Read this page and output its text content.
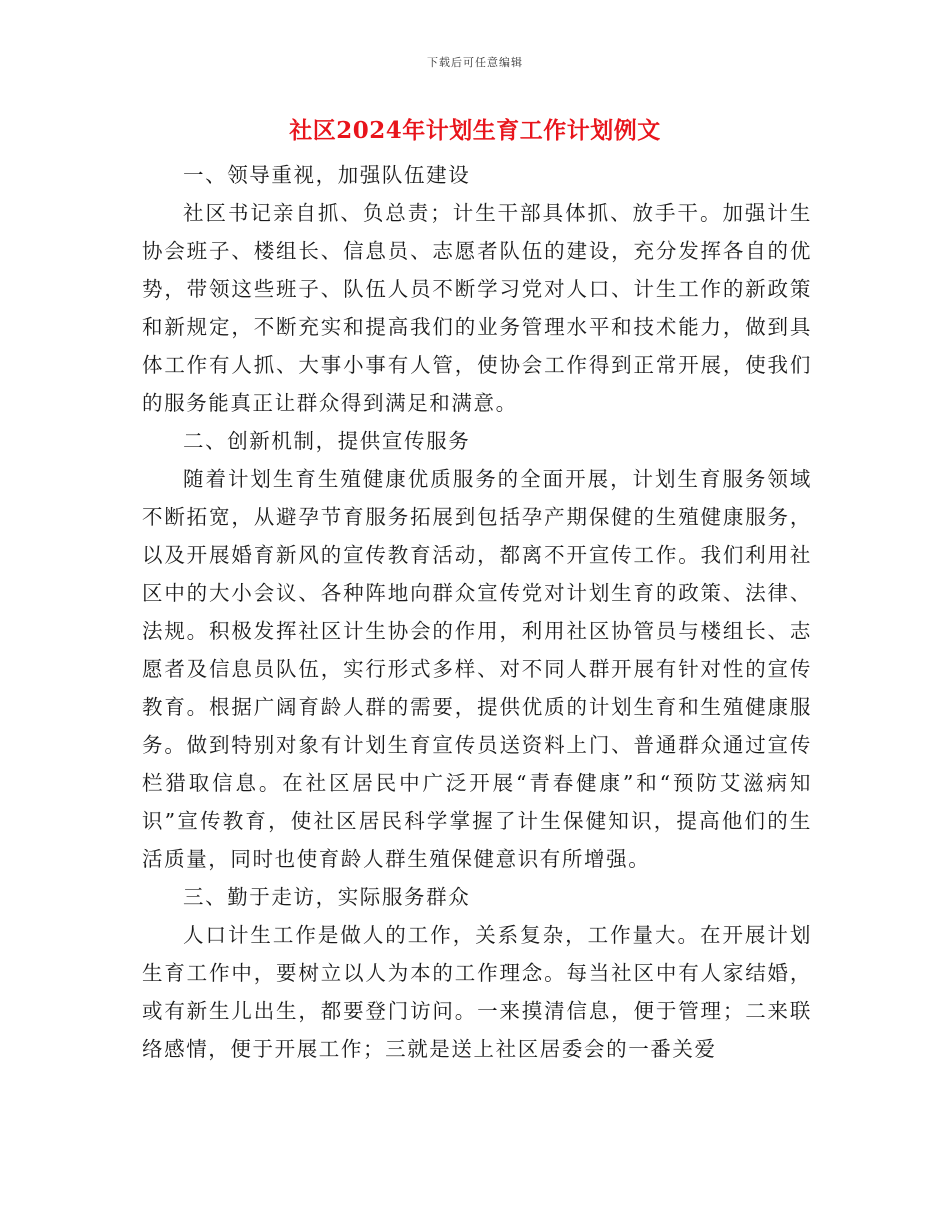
下载后可任意编辑
社区2024年计划生育工作计划例文

一、领导重视，加强队伍建设

社区书记亲自抓、负总责；计生干部具体抓、放手干。加强计生协会班子、楼组长、信息员、志愿者队伍的建设，充分发挥各自的优势，带领这些班子、队伍人员不断学习党对人口、计生工作的新政策和新规定，不断充实和提高我们的业务管理水平和技术能力，做到具体工作有人抓、大事小事有人管，使协会工作得到正常开展，使我们的服务能真正让群众得到满足和满意。

二、创新机制，提供宣传服务

随着计划生育生殖健康优质服务的全面开展，计划生育服务领域不断拓宽，从避孕节育服务拓展到包括孕产期保健的生殖健康服务，以及开展婚育新风的宣传教育活动，都离不开宣传工作。我们利用社区中的大小会议、各种阵地向群众宣传党对计划生育的政策、法律、法规。积极发挥社区计生协会的作用，利用社区协管员与楼组长、志愿者及信息员队伍，实行形式多样、对不同人群开展有针对性的宣传教育。根据广阔育龄人群的需要，提供优质的计划生育和生殖健康服务。做到特别对象有计划生育宣传员送资料上门、普通群众通过宣传栏猎取信息。在社区居民中广泛开展“青春健康”和“预防艾滋病知识”宣传教育，使社区居民科学掌握了计生保健知识，提高他们的生活质量，同时也使育龄人群生殖保健意识有所增强。

三、勤于走访，实际服务群众

人口计生工作是做人的工作，关系复杂，工作量大。在开展计划生育工作中，要树立以人为本的工作理念。每当社区中有人家结婚，或有新生儿出生，都要登门访问。一来摸清信息，便于管理；二来联络感情，便于开展工作；三就是送上社区居委会的一番关爱
